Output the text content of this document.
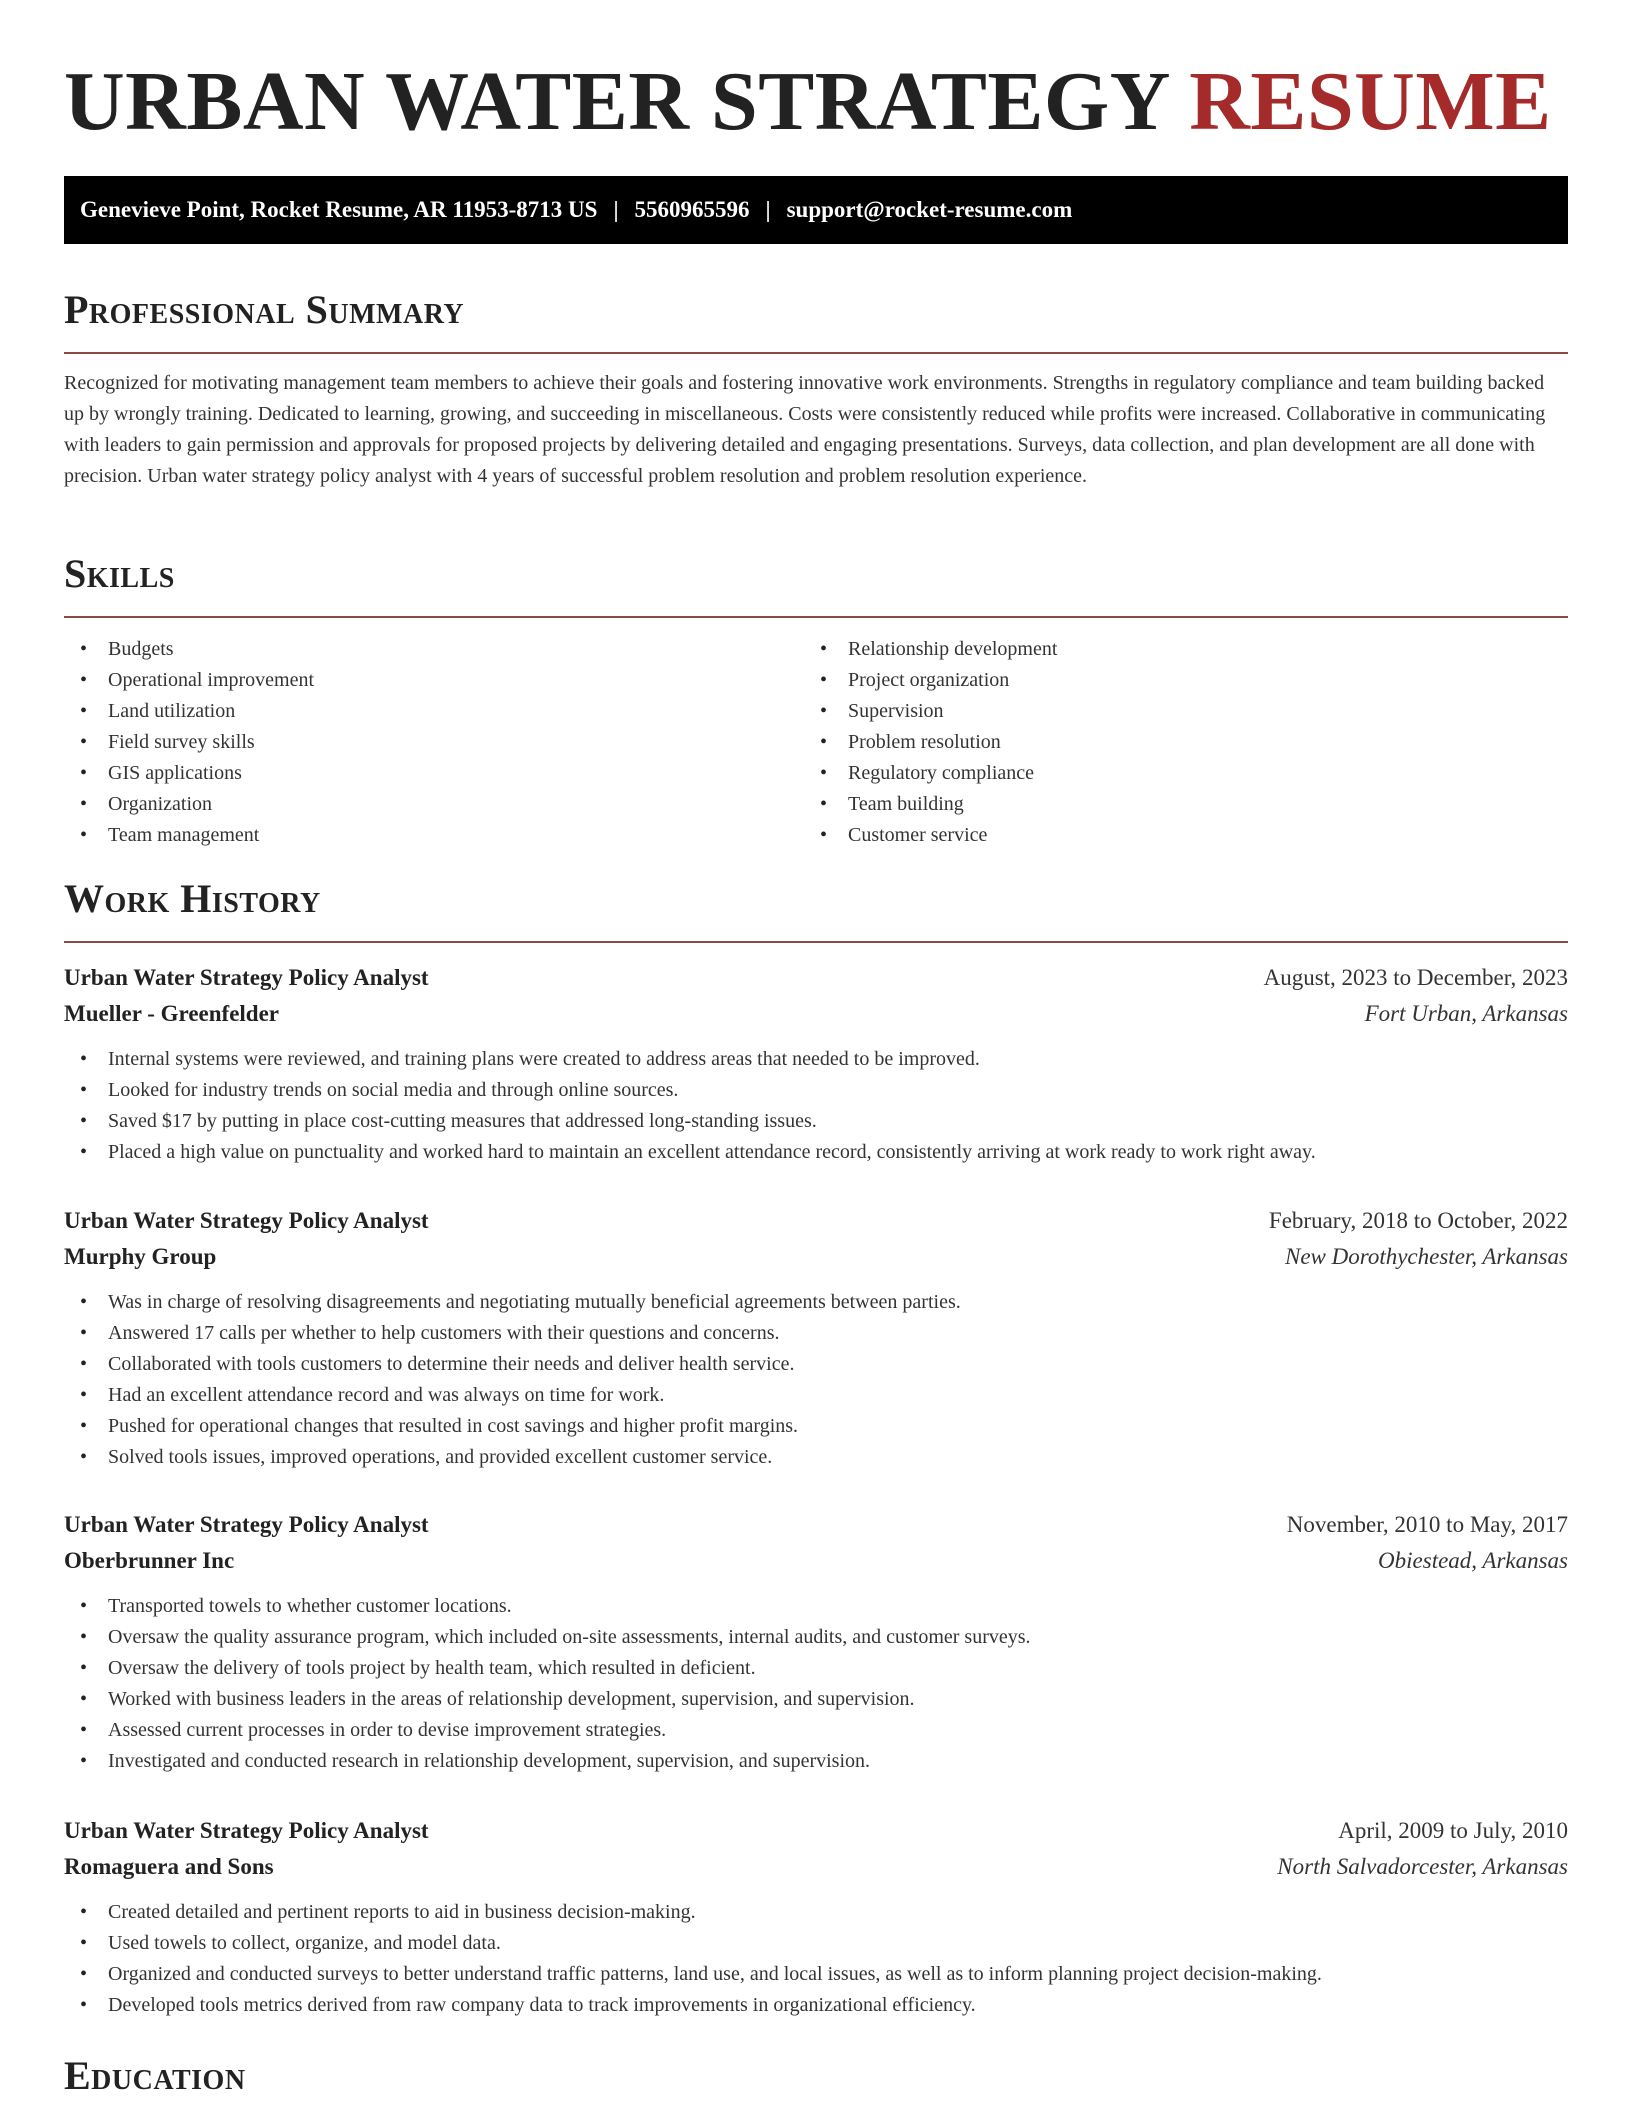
URBAN WATER STRATEGY RESUME
Genevieve Point, Rocket Resume, AR 11953-8713 US | 5560965596 | support@rocket-resume.com
Professional Summary

Recognized for motivating management team members to achieve their goals and fostering innovative work environments. Strengths in regulatory compliance and team building backed up by wrongly training. Dedicated to learning, growing, and succeeding in miscellaneous. Costs were consistently reduced while profits were increased. Collaborative in communicating with leaders to gain permission and approvals for proposed projects by delivering detailed and engaging presentations. Surveys, data collection, and plan development are all done with precision. Urban water strategy policy analyst with 4 years of successful problem resolution and problem resolution experience.

Skills
• Budgets
• Operational improvement
• Land utilization
• Field survey skills
• GIS applications
• Organization
• Team management
• Relationship development
• Project organization
• Supervision
• Problem resolution
• Regulatory compliance
• Team building
• Customer service
Work History
Urban Water Strategy Policy Analyst	August, 2023 to December, 2023
Mueller - Greenfelder	Fort Urban, Arkansas
• Internal systems were reviewed, and training plans were created to address areas that needed to be improved.
• Looked for industry trends on social media and through online sources.
• Saved $17 by putting in place cost-cutting measures that addressed long-standing issues.
• Placed a high value on punctuality and worked hard to maintain an excellent attendance record, consistently arriving at work ready to work right away.
Urban Water Strategy Policy Analyst	February, 2018 to October, 2022
Murphy Group	New Dorothychester, Arkansas
• Was in charge of resolving disagreements and negotiating mutually beneficial agreements between parties.
• Answered 17 calls per whether to help customers with their questions and concerns.
• Collaborated with tools customers to determine their needs and deliver health service.
• Had an excellent attendance record and was always on time for work.
• Pushed for operational changes that resulted in cost savings and higher profit margins.
• Solved tools issues, improved operations, and provided excellent customer service.
Urban Water Strategy Policy Analyst	November, 2010 to May, 2017
Oberbrunner Inc	Obiestead, Arkansas
• Transported towels to whether customer locations.
• Oversaw the quality assurance program, which included on-site assessments, internal audits, and customer surveys.
• Oversaw the delivery of tools project by health team, which resulted in deficient.
• Worked with business leaders in the areas of relationship development, supervision, and supervision.
• Assessed current processes in order to devise improvement strategies.
• Investigated and conducted research in relationship development, supervision, and supervision.
Urban Water Strategy Policy Analyst	April, 2009 to July, 2010
Romaguera and Sons	North Salvadorcester, Arkansas
• Created detailed and pertinent reports to aid in business decision-making.
• Used towels to collect, organize, and model data.
• Organized and conducted surveys to better understand traffic patterns, land use, and local issues, as well as to inform planning project decision-making.
• Developed tools metrics derived from raw company data to track improvements in organizational efficiency.
Education
